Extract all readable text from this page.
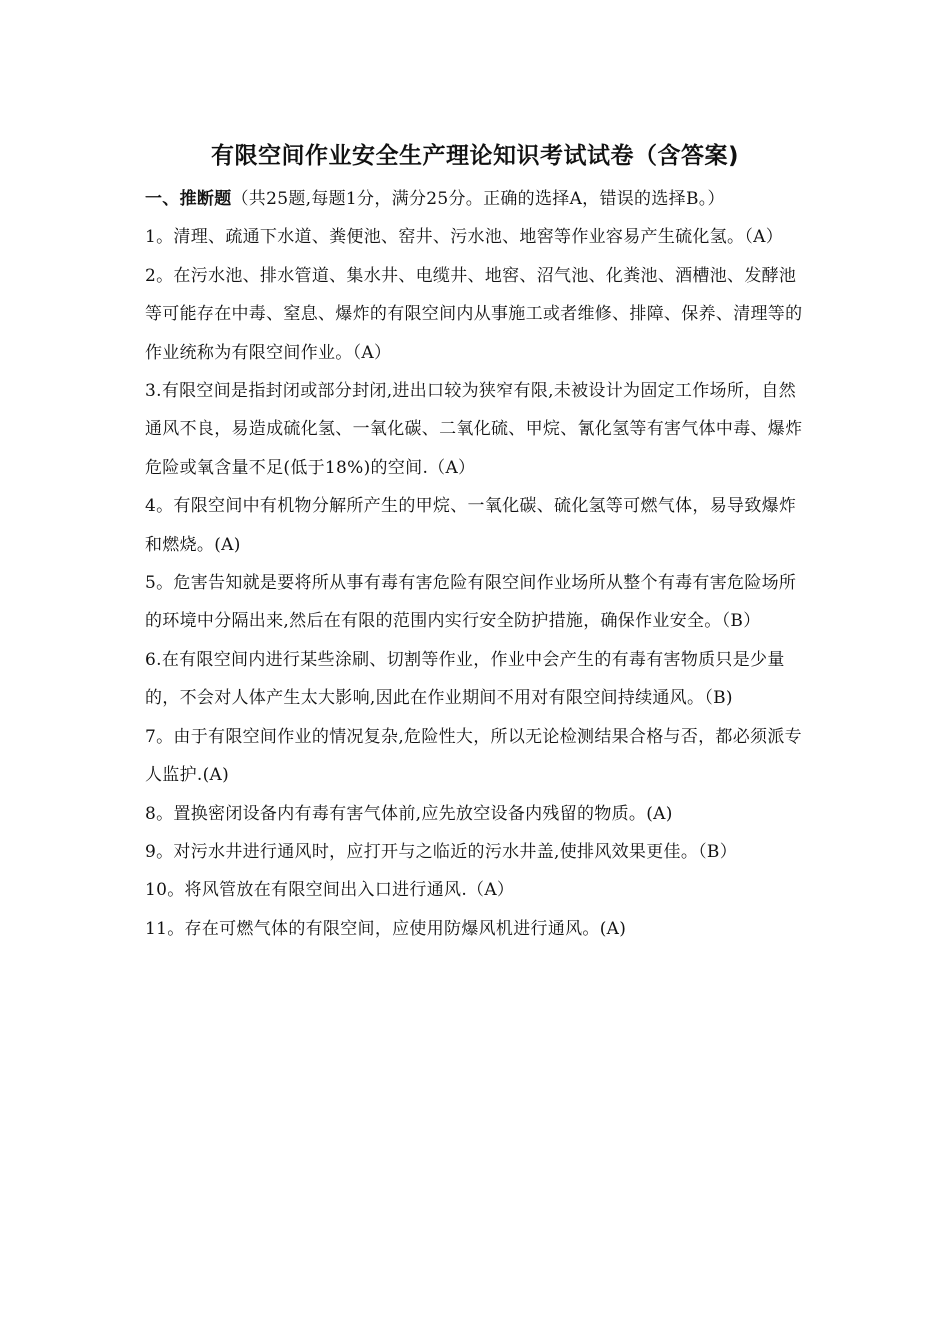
有限空间作业安全生产理论知识考试试卷（含答案)

一、推断题（共25题,每题1分，满分25分。正确的选择A，错误的选择B。）

1。清理、疏通下水道、粪便池、窑井、污水池、地窖等作业容易产生硫化氢。（A）

2。在污水池、排水管道、集水井、电缆井、地窖、沼气池、化粪池、酒槽池、发酵池等可能存在中毒、窒息、爆炸的有限空间内从事施工或者维修、排障、保养、清理等的作业统称为有限空间作业。（A）

3.有限空间是指封闭或部分封闭,进出口较为狭窄有限,未被设计为固定工作场所，自然通风不良，易造成硫化氢、一氧化碳、二氧化硫、甲烷、氰化氢等有害气体中毒、爆炸危险或氧含量不足(低于18%)的空间.（A）

4。有限空间中有机物分解所产生的甲烷、一氧化碳、硫化氢等可燃气体，易导致爆炸和燃烧。(A)

5。危害告知就是要将所从事有毒有害危险有限空间作业场所从整个有毒有害危险场所的环境中分隔出来,然后在有限的范围内实行安全防护措施，确保作业安全。（B）

6.在有限空间内进行某些涂刷、切割等作业，作业中会产生的有毒有害物质只是少量的，不会对人体产生太大影响,因此在作业期间不用对有限空间持续通风。（B)

7。由于有限空间作业的情况复杂,危险性大，所以无论检测结果合格与否，都必须派专人监护.(A)

8。置换密闭设备内有毒有害气体前,应先放空设备内残留的物质。(A)

9。对污水井进行通风时，应打开与之临近的污水井盖,使排风效果更佳。（B）

10。将风管放在有限空间出入口进行通风.（A）

11。存在可燃气体的有限空间，应使用防爆风机进行通风。(A)
